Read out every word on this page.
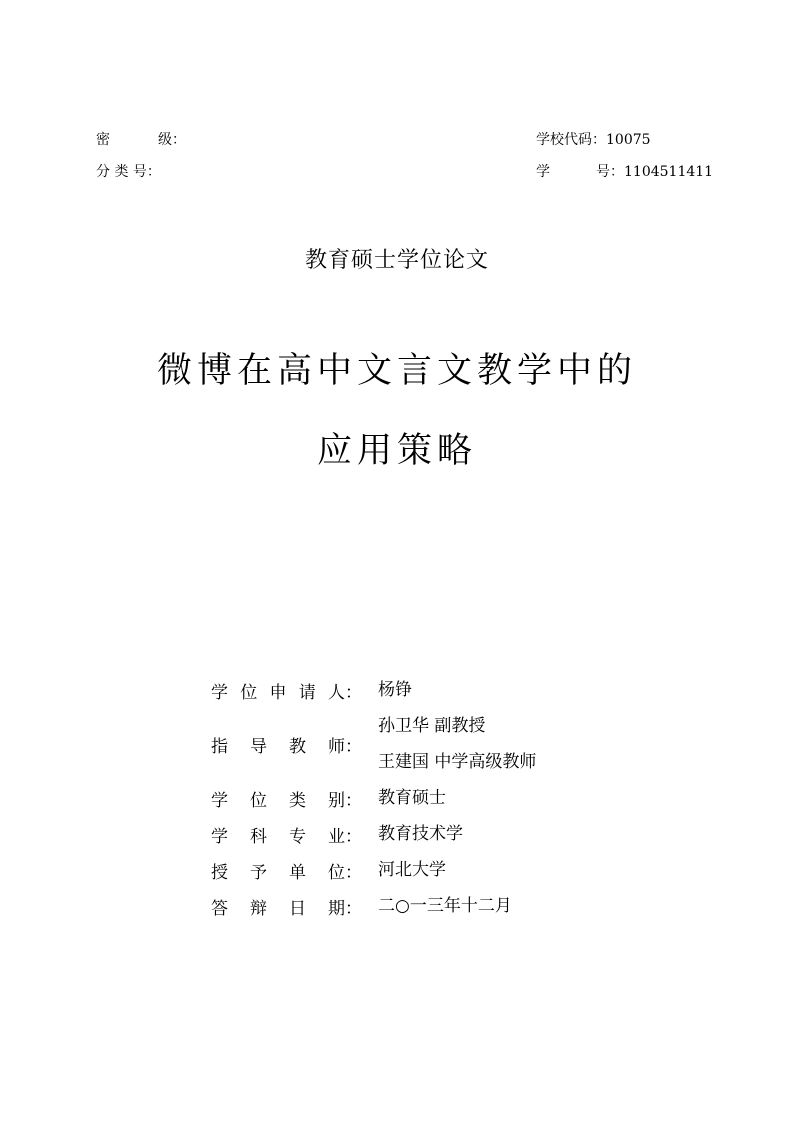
密	级：
分 类 号：
学校代码：10075
学	号：1104511411
教育硕士学位论文
微博在高中文言文教学中的
应用策略
学 位 申 请 人 ： 杨铮
指 导 教 师 ：
孙卫华 副教授
王建国 中学高级教师
学 位 类 别 ： 教育硕士
学 科 专 业 ： 教育技术学
授 予 单 位 ： 河北大学
答 辩 日 期 ： 二○一三年十二月
